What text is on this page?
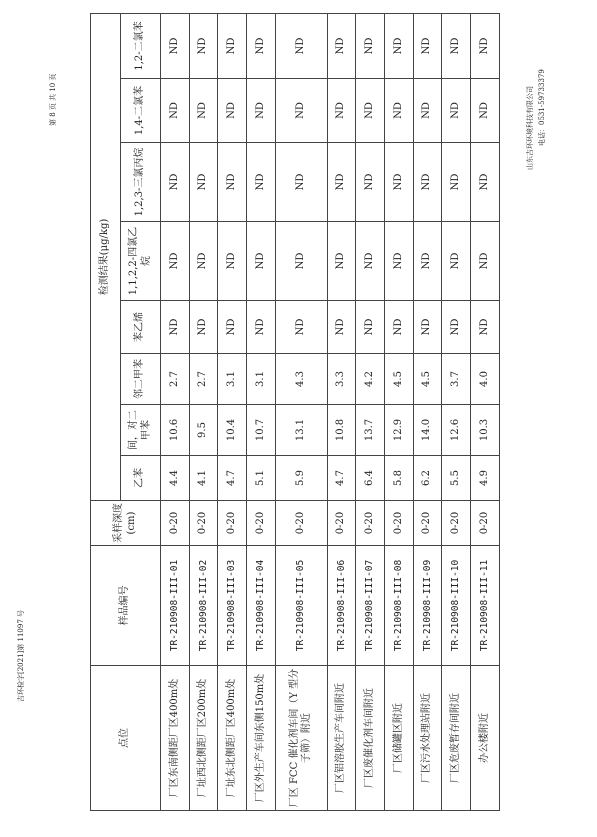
吉环检字[2021]第 11097 号
第 8 页 共 10 页	山东吉环环境科技有限公司 电话：0531-59733379
点位	样品编号	采样深度(cm)	检测结果(μg/kg)							
			乙苯	间，对二甲苯	邻二甲苯	苯乙烯	1,1,2,2-四氯乙烷	1,2,3-三氯丙烷	1,4-二氯苯	1,2-二氯苯
厂区东南侧距厂区400m处	TR-210908-III-01	0-20	4.4	10.6	2.7	ND	ND	ND	ND	ND
厂址西北侧距厂区200m处	TR-210908-III-02	0-20	4.1	9.5	2.7	ND	ND	ND	ND	ND
厂址东北侧距厂区400m处	TR-210908-III-03	0-20	4.7	10.4	3.1	ND	ND	ND	ND	ND
厂区外生产车间东侧150m处	TR-210908-III-04	0-20	5.1	10.7	3.1	ND	ND	ND	ND	ND
厂区 FCC 催化剂车间（Y 型分子筛）附近	TR-210908-III-05	0-20	5.9	13.1	4.3	ND	ND	ND	ND	ND
厂区铝溶胶生产车间附近	TR-210908-III-06	0-20	4.7	10.8	3.3	ND	ND	ND	ND	ND
厂区废催化剂车间附近	TR-210908-III-07	0-20	6.4	13.7	4.2	ND	ND	ND	ND	ND
厂区储罐区附近	TR-210908-III-08	0-20	5.8	12.9	4.5	ND	ND	ND	ND	ND
厂区污水处理站附近	TR-210908-III-09	0-20	6.2	14.0	4.5	ND	ND	ND	ND	ND
厂区危废暂存间附近	TR-210908-III-10	0-20	5.5	12.6	3.7	ND	ND	ND	ND	ND
办公楼附近	TR-210908-III-11	0-20	4.9	10.3	4.0	ND	ND	ND	ND	ND
